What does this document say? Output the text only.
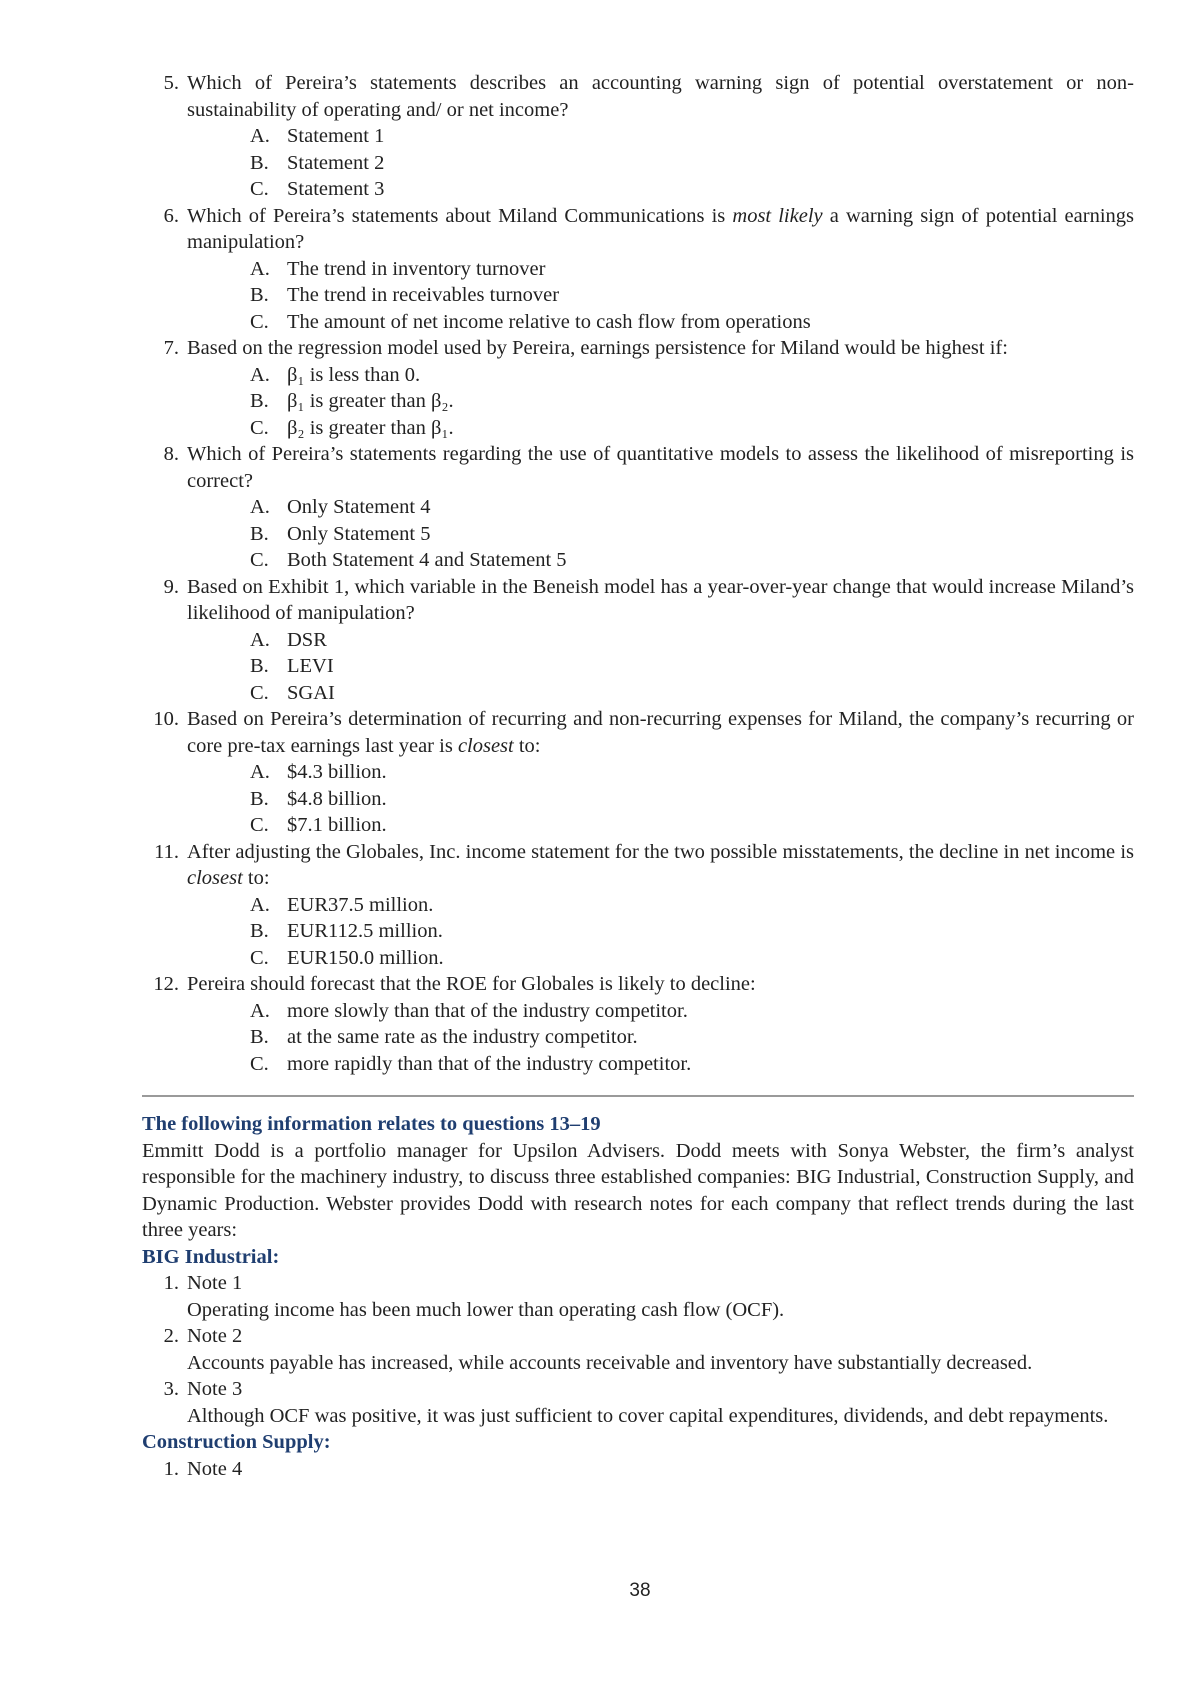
5. Which of Pereira’s statements describes an accounting warning sign of potential overstatement or non-sustainability of operating and/ or net income?
A. Statement 1
B. Statement 2
C. Statement 3
6. Which of Pereira’s statements about Miland Communications is most likely a warning sign of potential earnings manipulation?
A. The trend in inventory turnover
B. The trend in receivables turnover
C. The amount of net income relative to cash flow from operations
7. Based on the regression model used by Pereira, earnings persistence for Miland would be highest if:
A. β₁ is less than 0.
B. β₁ is greater than β₂.
C. β₂ is greater than β₁.
8. Which of Pereira’s statements regarding the use of quantitative models to assess the likelihood of misreporting is correct?
A. Only Statement 4
B. Only Statement 5
C. Both Statement 4 and Statement 5
9. Based on Exhibit 1, which variable in the Beneish model has a year-over-year change that would increase Miland’s likelihood of manipulation?
A. DSR
B. LEVI
C. SGAI
10. Based on Pereira’s determination of recurring and non-recurring expenses for Miland, the company’s recurring or core pre-tax earnings last year is closest to:
A. $4.3 billion.
B. $4.8 billion.
C. $7.1 billion.
11. After adjusting the Globales, Inc. income statement for the two possible misstatements, the decline in net income is closest to:
A. EUR37.5 million.
B. EUR112.5 million.
C. EUR150.0 million.
12. Pereira should forecast that the ROE for Globales is likely to decline:
A. more slowly than that of the industry competitor.
B. at the same rate as the industry competitor.
C. more rapidly than that of the industry competitor.
The following information relates to questions 13–19
Emmitt Dodd is a portfolio manager for Upsilon Advisers. Dodd meets with Sonya Webster, the firm’s analyst responsible for the machinery industry, to discuss three established companies: BIG Industrial, Construction Supply, and Dynamic Production. Webster provides Dodd with research notes for each company that reflect trends during the last three years:
BIG Industrial:
1. Note 1
Operating income has been much lower than operating cash flow (OCF).
2. Note 2
Accounts payable has increased, while accounts receivable and inventory have substantially decreased.
3. Note 3
Although OCF was positive, it was just sufficient to cover capital expenditures, dividends, and debt repayments.
Construction Supply:
1. Note 4
38
